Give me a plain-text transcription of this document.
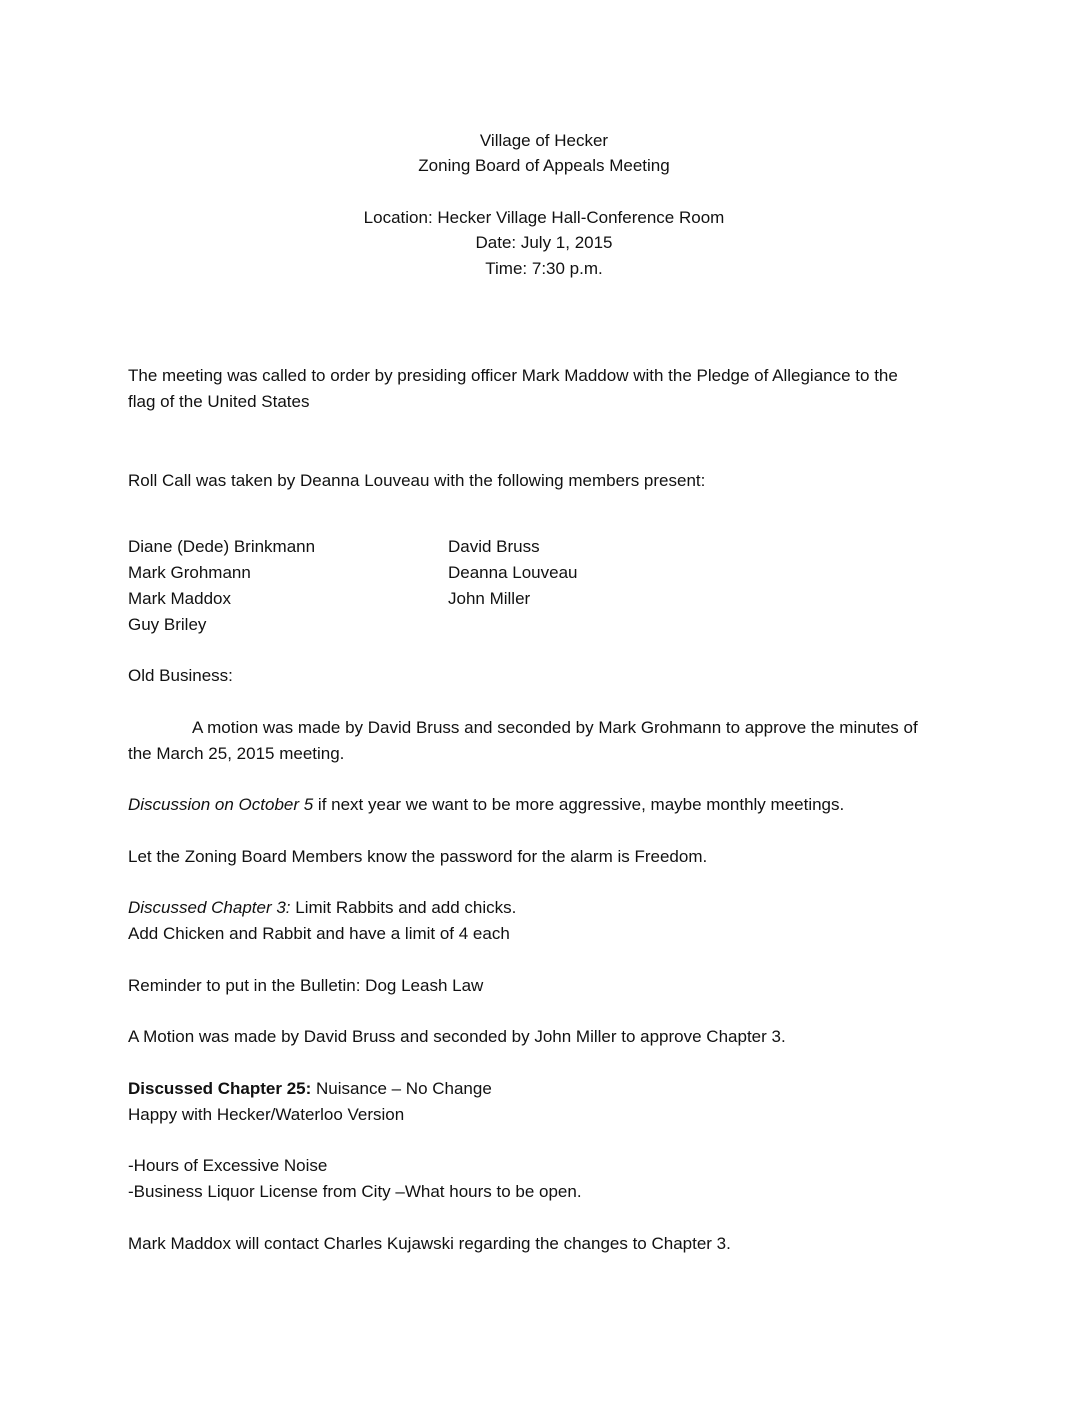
Village of Hecker
Zoning Board of Appeals Meeting
Location: Hecker Village Hall-Conference Room
Date: July 1, 2015
Time: 7:30 p.m.
The meeting was called to order by presiding officer Mark Maddow with the Pledge of Allegiance to the
flag of the United States
Roll Call was taken by Deanna Louveau with the following members present:
Diane (Dede) Brinkmann
Mark Grohmann
Mark Maddox
Guy Briley
David Bruss
Deanna Louveau
John Miller
Old Business:
A motion was made by David Bruss and seconded by Mark Grohmann to approve the minutes of
the March 25, 2015 meeting.
Discussion on October 5 if next year we want to be more aggressive, maybe monthly meetings.
Let the Zoning Board Members know the password for the alarm is Freedom.
Discussed Chapter 3: Limit Rabbits and add chicks.
Add Chicken and Rabbit and have a limit of 4 each
Reminder to put in the Bulletin: Dog Leash Law
A Motion was made by David Bruss and seconded by John Miller to approve Chapter 3.
Discussed Chapter 25: Nuisance – No Change
Happy with Hecker/Waterloo Version
-Hours of Excessive Noise
-Business Liquor License from City –What hours to be open.
Mark Maddox will contact Charles Kujawski regarding the changes to Chapter 3.
